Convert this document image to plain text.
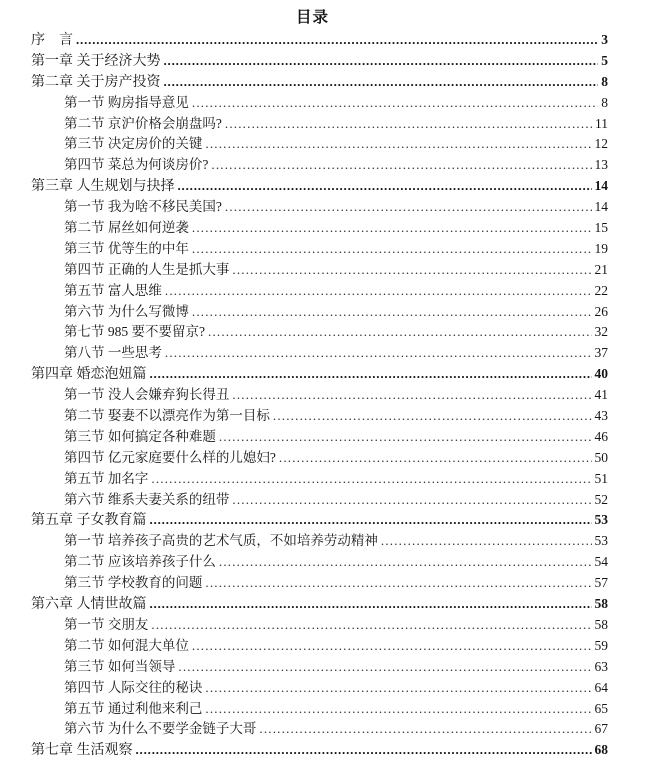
目录
序　言 .....	3
第一章 关于经济大势 .....	5
第二章 关于房产投资 .....	8
第一节 购房指导意见 .....	8
第二节 京沪价格会崩盘吗? .....	11
第三节 决定房价的关键 .....	12
第四节 菜总为何谈房价? .....	13
第三章 人生规划与抉择 .....	14
第一节 我为啥不移民美国? .....	14
第二节 屌丝如何逆袭 .....	15
第三节 优等生的中年 .....	19
第四节 正确的人生是抓大事 .....	21
第五节 富人思维 .....	22
第六节 为什么写微博 .....	26
第七节 985 要不要留京? .....	32
第八节 一些思考 .....	37
第四章 婚恋泡妞篇 .....	40
第一节 没人会嫌弃狗长得丑 .....	41
第二节 娶妻不以漂亮作为第一目标 .....	43
第三节 如何搞定各种难题 .....	46
第四节 亿元家庭要什么样的儿媳妇? .....	50
第五节 加名字 .....	51
第六节 维系夫妻关系的纽带 .....	52
第五章 子女教育篇 .....	53
第一节 培养孩子高贵的艺术气质，不如培养劳动精神 .....	53
第二节 应该培养孩子什么 .....	54
第三节 学校教育的问题 .....	57
第六章 人情世故篇 .....	58
第一节 交朋友 .....	58
第二节 如何混大单位 .....	59
第三节 如何当领导 .....	63
第四节 人际交往的秘诀 .....	64
第五节 通过利他来利己 .....	65
第六节 为什么不要学金链子大哥 .....	67
第七章 生活观察 .....	68
